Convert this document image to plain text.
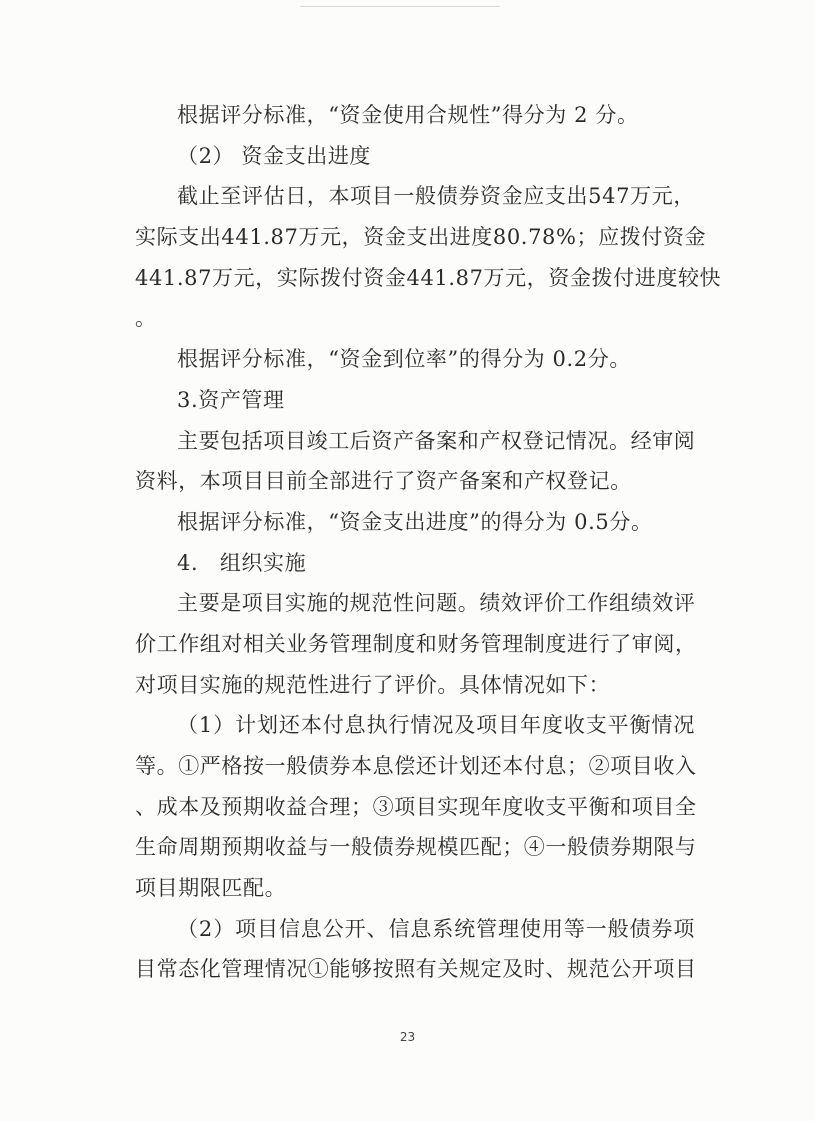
根据评分标准，“资金使用合规性”得分为 2 分。
（2） 资金支出进度
截止至评估日，本项目一般债券资金应支出547万元，
实际支出441.87万元，资金支出进度80.78%；应拨付资金
441.87万元，实际拨付资金441.87万元，资金拨付进度较快
。
根据评分标准，“资金到位率”的得分为 0.2分。
3.资产管理
主要包括项目竣工后资产备案和产权登记情况。经审阅
资料，本项目目前全部进行了资产备案和产权登记。
根据评分标准，“资金支出进度”的得分为 0.5分。
4.　组织实施
主要是项目实施的规范性问题。绩效评价工作组绩效评
价工作组对相关业务管理制度和财务管理制度进行了审阅，
对项目实施的规范性进行了评价。具体情况如下：
（1）计划还本付息执行情况及项目年度收支平衡情况
等。①严格按一般债券本息偿还计划还本付息；②项目收入
、成本及预期收益合理；③项目实现年度收支平衡和项目全
生命周期预期收益与一般债券规模匹配；④一般债券期限与
项目期限匹配。
（2）项目信息公开、信息系统管理使用等一般债券项
目常态化管理情况①能够按照有关规定及时、规范公开项目
23
